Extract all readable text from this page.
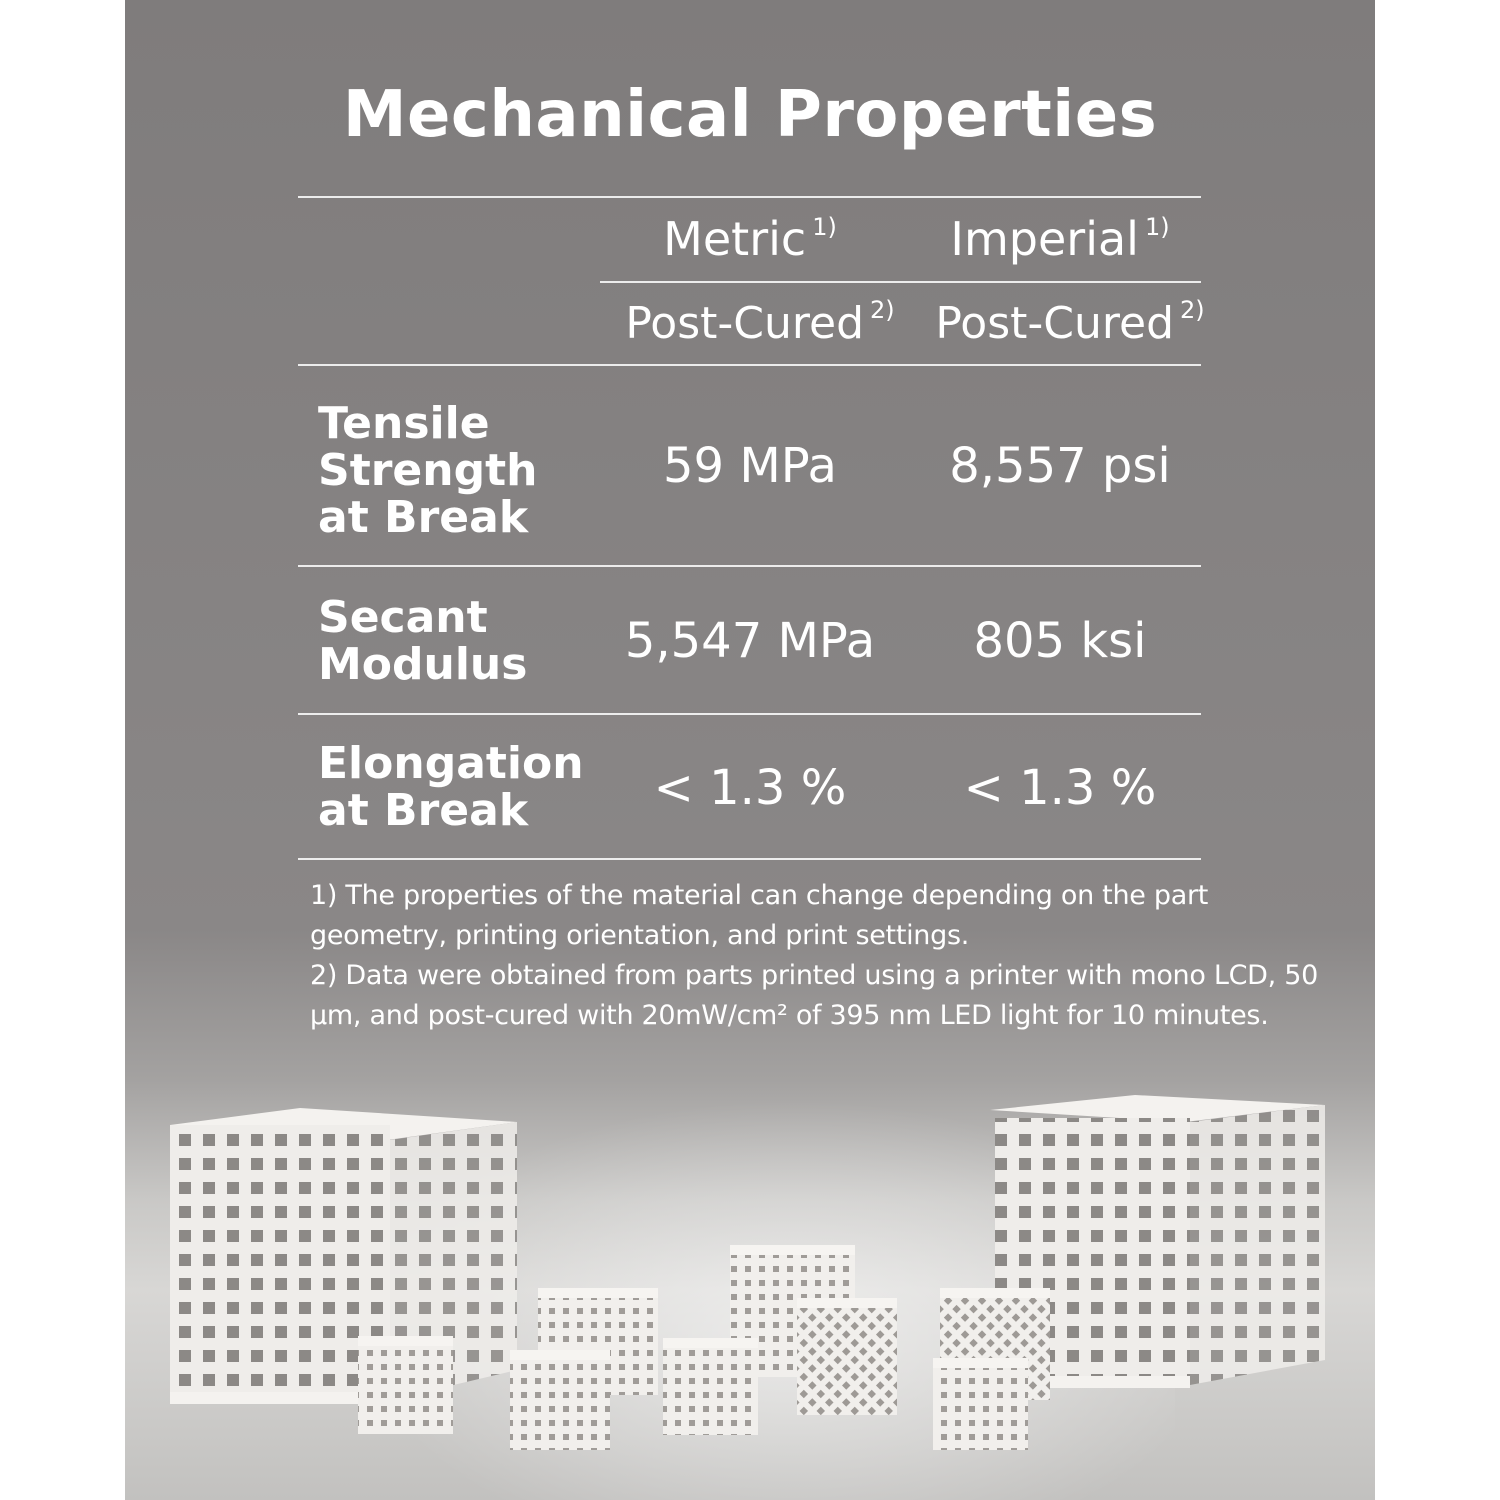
Mechanical Properties
Metric $^{1)}$	Imperial $^{1)}$
Post-Cured $^{2)}$ Post-Cured $^{2)}$
Tensile
Strength
at Break
59 MPa	8,557 psi
Secant
Modulus	5,547 MPa	805 ksi
Elongation
at Break	< 1.3 %	< 1.3 %
1) The properties of the material can change depending on the part
geometry, printing orientation, and print settings.
2) Data were obtained from parts printed using a printer with mono LCD, 50
µm, and post-cured with 20mW/cm² of 395 nm LED light for 10 minutes.
